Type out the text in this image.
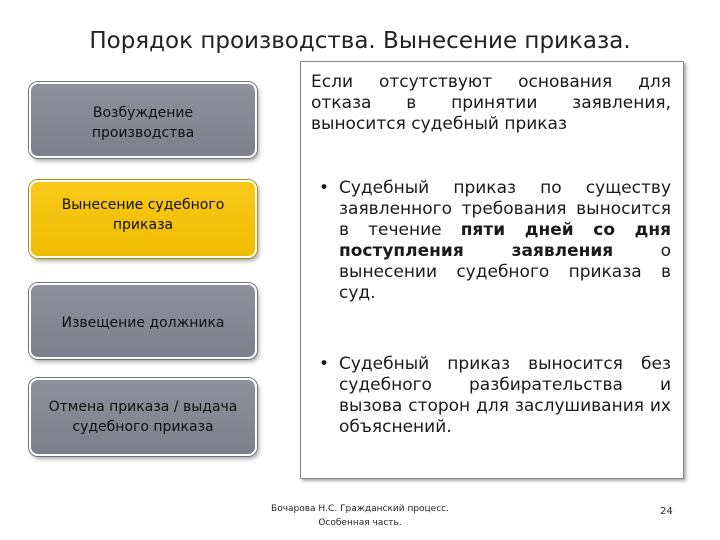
Порядок производства. Вынесение приказа.
Возбуждение производства
Вынесение судебного приказа
Извещение должника
Отмена приказа / выдача судебного приказа
Если отсутствуют основания для отказа в принятии заявления, выносится судебный приказ
• Судебный приказ по существу заявленного требования выносится в течение пяти дней со дня поступления заявления о вынесении судебного приказа в суд.
• Судебный приказ выносится без судебного разбирательства и вызова сторон для заслушивания их объяснений.
Бочарова Н.С. Гражданский процесс.
Особенная часть.
24
